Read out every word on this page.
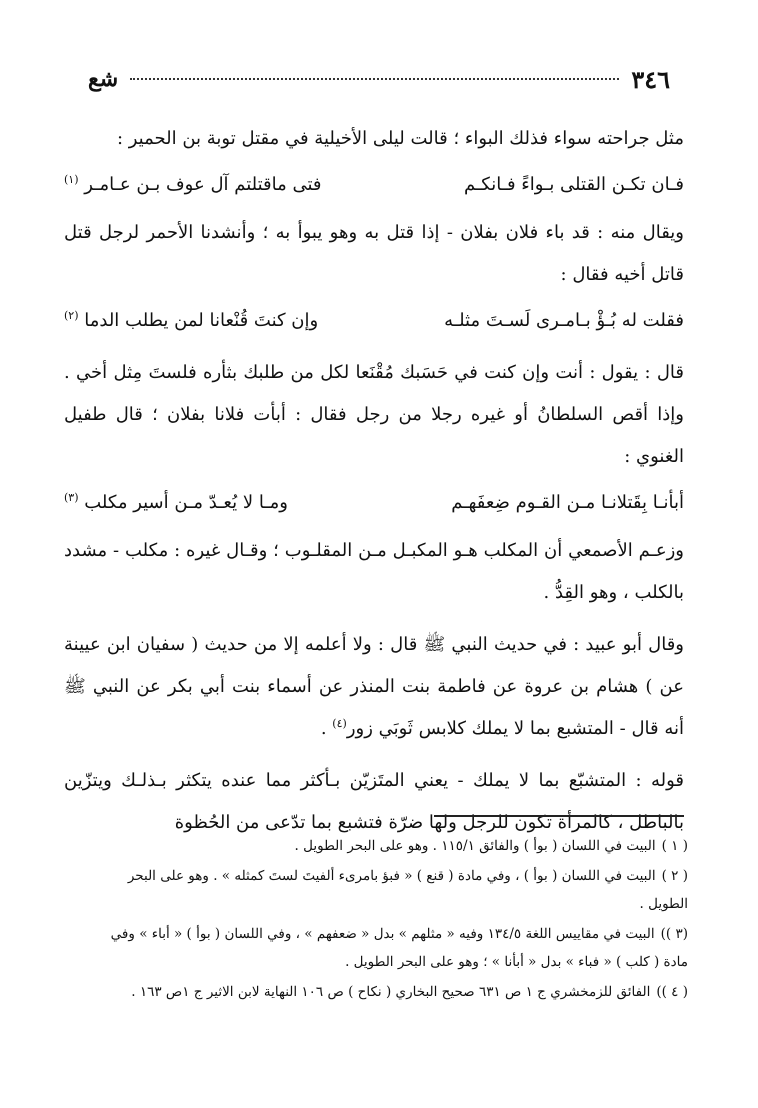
٣٤٦
شع
مثل جراحته سواء فذلك البواء ؛ قالت ليلى الأخيلية في مقتل توبة بن الحمير :
فـان تكـن القتلى بـواءً فـانكـم
فتى ماقتلتم آل عوف بـن عـامـر $^{(١)}$
ويقال منه : قد باء فلان بفلان - إذا قتل به وهو يبوأ به ؛ وأنشدنا الأحمر لرجل قتل قاتل أخيه فقال :
فقلت له بُـؤْ بـامـرى لَسـتَ مثلـه
وإن كنتَ قُنْعانا لمن يطلب الدما $^{(٢)}$
قال : يقول : أنت وإن كنت في حَسَبك مُقْنَعا لكل من طلبك بثأره فلستَ مِثل أخي . وإذا أقص السلطانُ أو غيره رجلا من رجل فقال : أبأت فلانا بفلان ؛ قال طفيل الغنوي :
أبأنـا بِقَتلانـا مـن القـوم ضِعفَهـم
ومـا لا يُعـدّ مـن أسير مكلب $^{(٣)}$
وزعـم الأصمعي أن المكلب هـو المكبـل مـن المقلـوب ؛ وقـال غيره : مكلب - مشدد بالكلب ، وهو القِدُّ .
وقال أبو عبيد : في حديث النبي ﷺ قال : ولا أعلمه إلا من حديث ( سفيان ابن عيينة عن ) هشام بن عروة عن فاطمة بنت المنذر عن أسماء بنت أبي بكر عن النبي ﷺ أنه قال - المتشبع بما لا يملك كلابس ثَوبَي زور$^{(٤)}$ .
قوله : المتشبّع بما لا يملك - يعني المتَزيّن بـأكثر مما عنده يتكثر بـذلـك ويتزّين بالباطل ، كالمرأة تكون للرجل ولها ضرّة فتشبع بما تدّعى من الحُظوة
( ١ )البيت في اللسان ( بوأ ) والفائق ١١٥/١ . وهو على البحر الطويل .
( ٢ )البيت في اللسان ( بوأ ) ، وفي مادة ( قنع ) « فبؤ بامرىء ألفيتَ لستَ كمثله » . وهو على البحر الطويل .
(٣ ))البيت في مقاييس اللغة ١٣٤/٥ وفيه « مثلهم » بدل « ضعفهم » ، وفي اللسان ( بوأ ) « أباء » وفي مادة ( كلب ) « فباء » بدل « أبأنا » ؛ وهو على البحر الطويل .
( ٤ ))الفائق للزمخشري ج ١ ص ٦٣١ صحيح البخاري ( نكاح ) ص ١٠٦ النهاية لابن الاثير ج ١ص ١٦٣ .
